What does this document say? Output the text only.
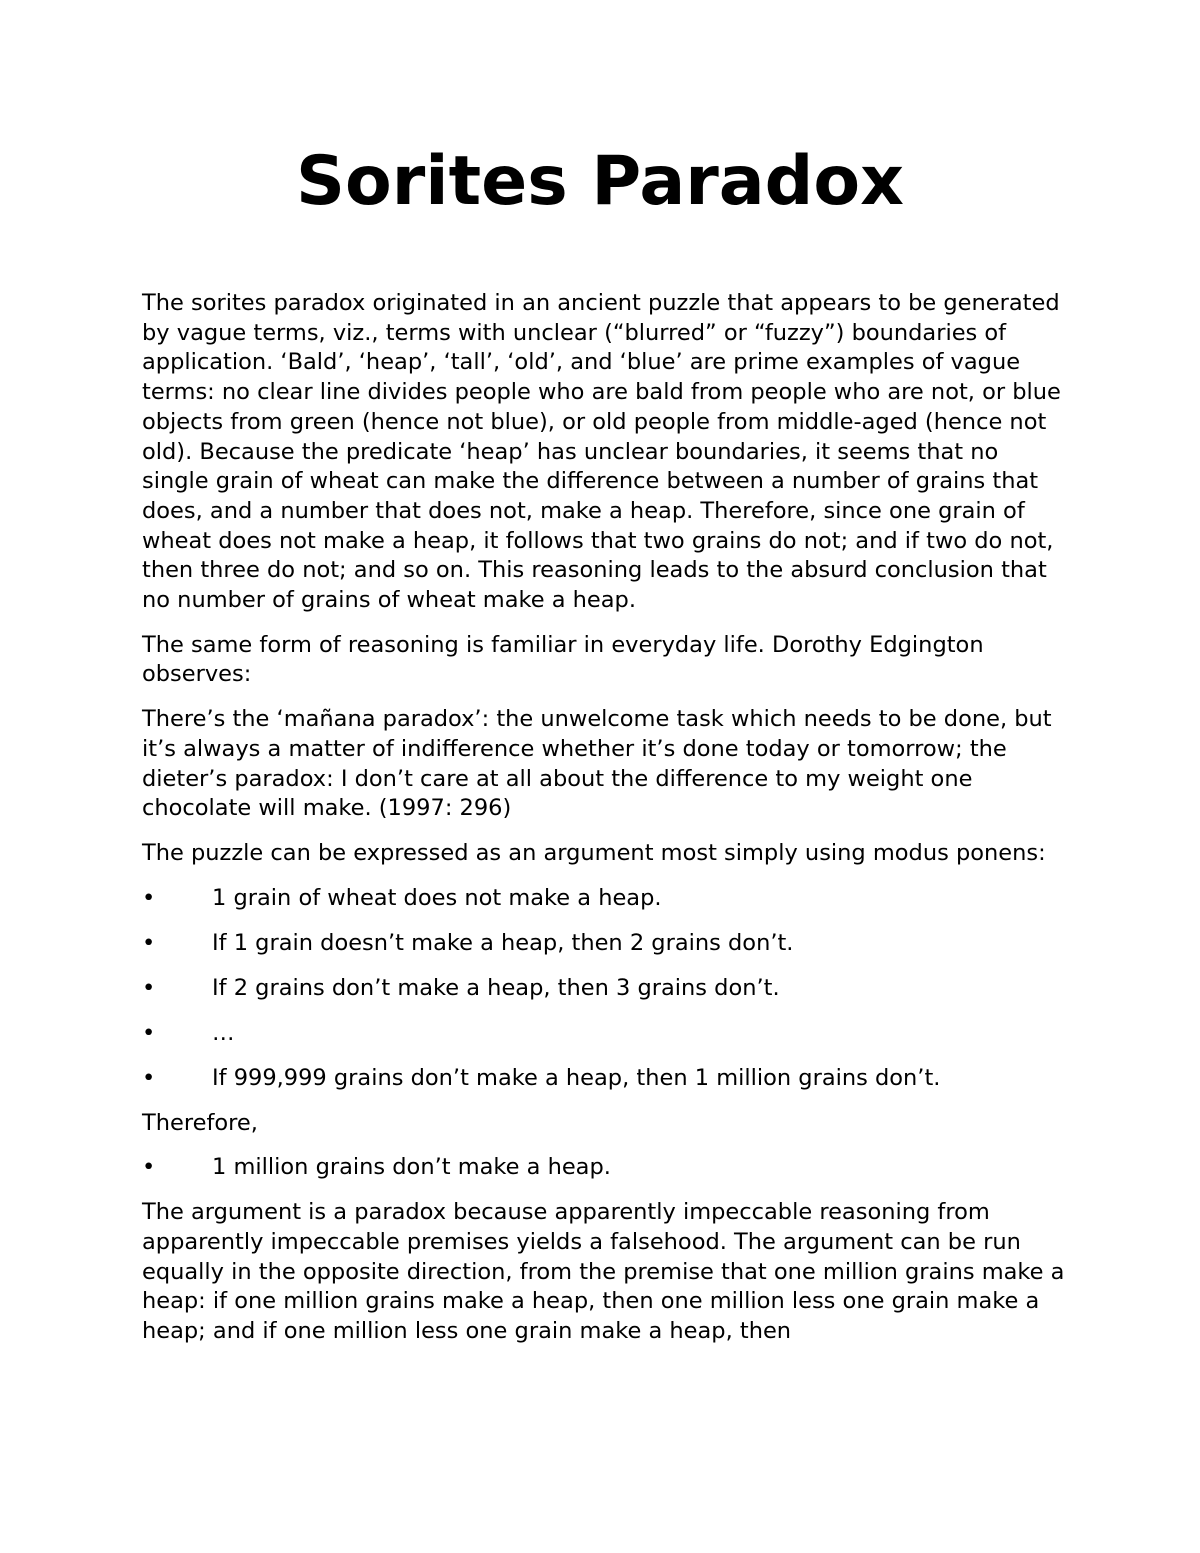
Sorites Paradox

The sorites paradox originated in an ancient puzzle that appears to be generated by vague terms, viz., terms with unclear (“blurred” or “fuzzy”) boundaries of application. ‘Bald’, ‘heap’, ‘tall’, ‘old’, and ‘blue’ are prime examples of vague terms: no clear line divides people who are bald from people who are not, or blue objects from green (hence not blue), or old people from middle-aged (hence not old). Because the predicate ‘heap’ has unclear boundaries, it seems that no single grain of wheat can make the difference between a number of grains that does, and a number that does not, make a heap. Therefore, since one grain of wheat does not make a heap, it follows that two grains do not; and if two do not, then three do not; and so on. This reasoning leads to the absurd conclusion that no number of grains of wheat make a heap.

The same form of reasoning is familiar in everyday life. Dorothy Edgington observes:

There’s the ‘mañana paradox’: the unwelcome task which needs to be done, but it’s always a matter of indifference whether it’s done today or tomorrow; the dieter’s paradox: I don’t care at all about the difference to my weight one chocolate will make. (1997: 296)

The puzzle can be expressed as an argument most simply using modus ponens:

•	1 grain of wheat does not make a heap.
•	If 1 grain doesn’t make a heap, then 2 grains don’t.
•	If 2 grains don’t make a heap, then 3 grains don’t.
•	…
•	If 999,999 grains don’t make a heap, then 1 million grains don’t.

Therefore,

•	1 million grains don’t make a heap.

The argument is a paradox because apparently impeccable reasoning from apparently impeccable premises yields a falsehood. The argument can be run equally in the opposite direction, from the premise that one million grains make a heap: if one million grains make a heap, then one million less one grain make a heap; and if one million less one grain make a heap, then
